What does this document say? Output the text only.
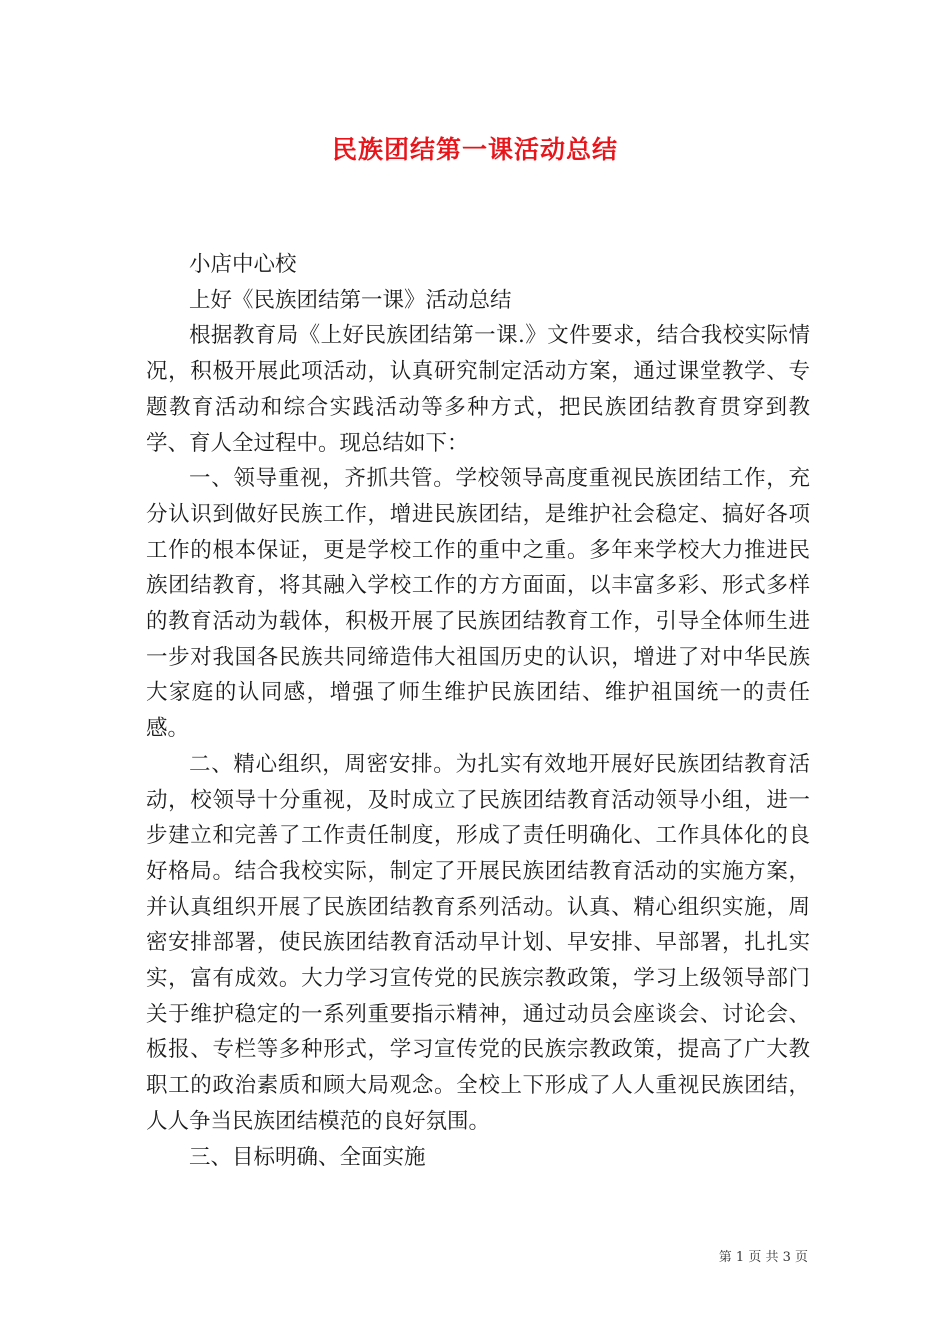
民族团结第一课活动总结

小店中心校

上好《民族团结第一课》活动总结

根据教育局《上好民族团结第一课.》文件要求，结合我校实际情况，积极开展此项活动，认真研究制定活动方案，通过课堂教学、专题教育活动和综合实践活动等多种方式，把民族团结教育贯穿到教学、育人全过程中。现总结如下：

一、领导重视，齐抓共管。学校领导高度重视民族团结工作，充分认识到做好民族工作，增进民族团结，是维护社会稳定、搞好各项工作的根本保证，更是学校工作的重中之重。多年来学校大力推进民族团结教育，将其融入学校工作的方方面面，以丰富多彩、形式多样的教育活动为载体，积极开展了民族团结教育工作，引导全体师生进一步对我国各民族共同缔造伟大祖国历史的认识，增进了对中华民族大家庭的认同感，增强了师生维护民族团结、维护祖国统一的责任感。

二、精心组织，周密安排。为扎实有效地开展好民族团结教育活动，校领导十分重视，及时成立了民族团结教育活动领导小组，进一步建立和完善了工作责任制度，形成了责任明确化、工作具体化的良好格局。结合我校实际，制定了开展民族团结教育活动的实施方案，并认真组织开展了民族团结教育系列活动。认真、精心组织实施，周密安排部署，使民族团结教育活动早计划、早安排、早部署，扎扎实实，富有成效。大力学习宣传党的民族宗教政策，学习上级领导部门关于维护稳定的一系列重要指示精神，通过动员会座谈会、讨论会、板报、专栏等多种形式，学习宣传党的民族宗教政策，提高了广大教职工的政治素质和顾大局观念。全校上下形成了人人重视民族团结，人人争当民族团结模范的良好氛围。

三、目标明确、全面实施

第 1 页 共 3 页
